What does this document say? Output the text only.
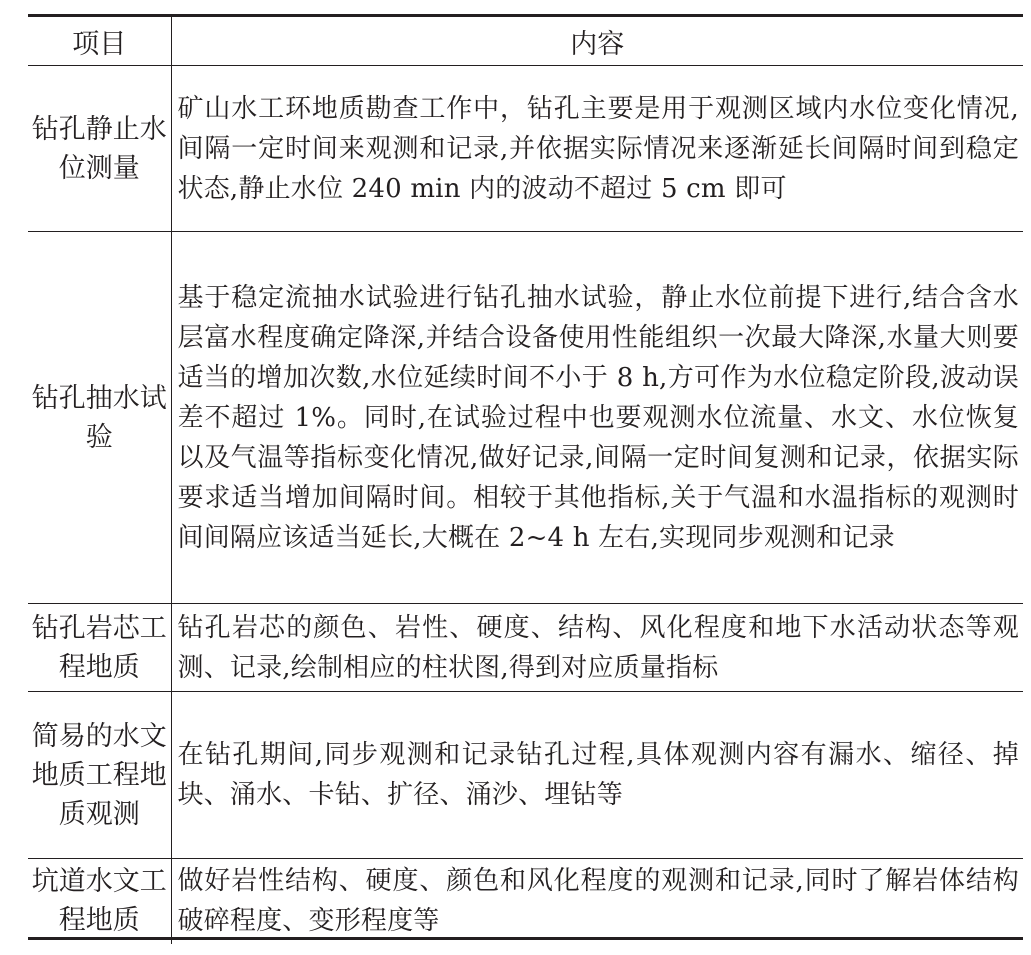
项目	内容
钻孔静止水位测量	矿山水工环地质勘查工作中，钻孔主要是用于观测区域内水位变化情况,间隔一定时间来观测和记录,并依据实际情况来逐渐延长间隔时间到稳定状态,静止水位 240 min 内的波动不超过 5 cm 即可
钻孔抽水试验	基于稳定流抽水试验进行钻孔抽水试验，静止水位前提下进行,结合含水层富水程度确定降深,并结合设备使用性能组织一次最大降深,水量大则要适当的增加次数,水位延续时间不小于 8 h,方可作为水位稳定阶段,波动误差不超过 1%。同时,在试验过程中也要观测水位流量、水文、水位恢复以及气温等指标变化情况,做好记录,间隔一定时间复测和记录，依据实际要求适当增加间隔时间。相较于其他指标,关于气温和水温指标的观测时间间隔应该适当延长,大概在 2~4 h 左右,实现同步观测和记录
钻孔岩芯工程地质	钻孔岩芯的颜色、岩性、硬度、结构、风化程度和地下水活动状态等观测、记录,绘制相应的柱状图,得到对应质量指标
简易的水文地质工程地质观测	在钻孔期间,同步观测和记录钻孔过程,具体观测内容有漏水、缩径、掉块、涌水、卡钻、扩径、涌沙、埋钻等
坑道水文工程地质	做好岩性结构、硬度、颜色和风化程度的观测和记录,同时了解岩体结构破碎程度、变形程度等
